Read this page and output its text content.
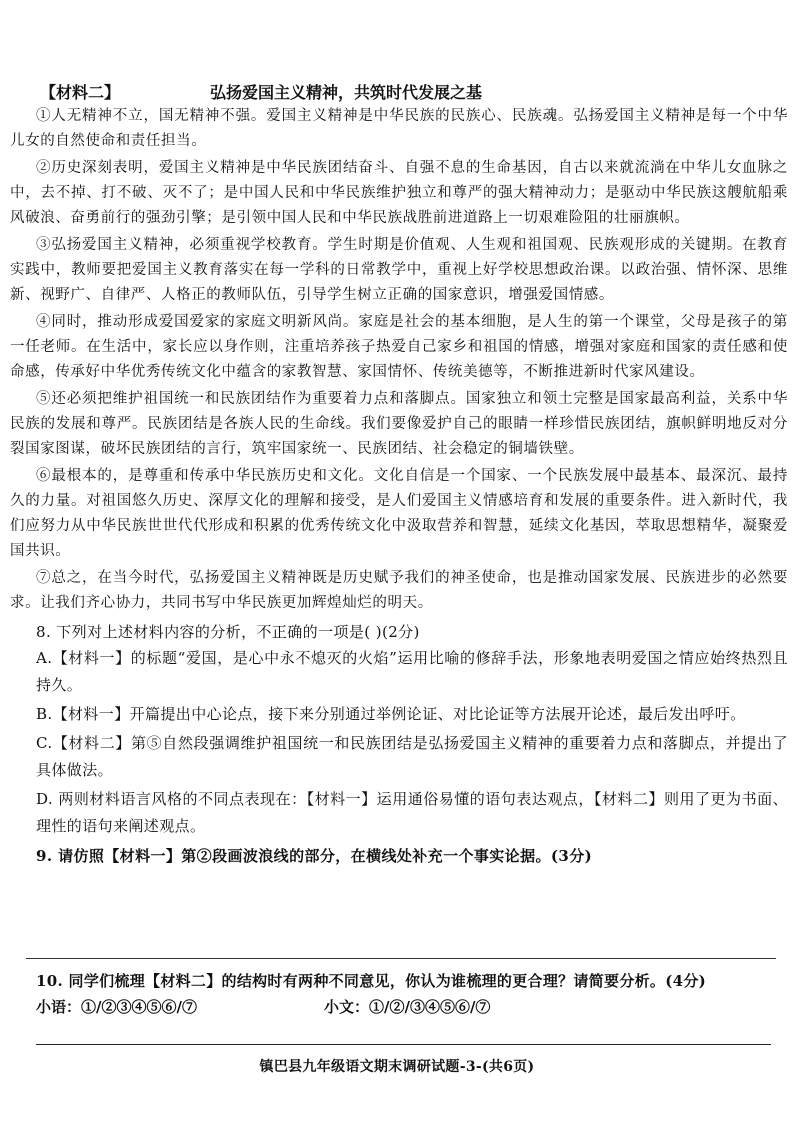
【材料二】	弘扬爱国主义精神，共筑时代发展之基

①人无精神不立，国无精神不强。爱国主义精神是中华民族的民族心、民族魂。弘扬爱国主义精神是每一个中华儿女的自然使命和责任担当。

②历史深刻表明，爱国主义精神是中华民族团结奋斗、自强不息的生命基因，自古以来就流淌在中华儿女血脉之中，去不掉、打不破、灭不了；是中国人民和中华民族维护独立和尊严的强大精神动力；是驱动中华民族这艘航船乘风破浪、奋勇前行的强劲引擎；是引领中国人民和中华民族战胜前进道路上一切艰难险阻的壮丽旗帜。

③弘扬爱国主义精神，必须重视学校教育。学生时期是价值观、人生观和祖国观、民族观形成的关键期。在教育实践中，教师要把爱国主义教育落实在每一学科的日常教学中，重视上好学校思想政治课。以政治强、情怀深、思维新、视野广、自律严、人格正的教师队伍，引导学生树立正确的国家意识，增强爱国情感。

④同时，推动形成爱国爱家的家庭文明新风尚。家庭是社会的基本细胞，是人生的第一个课堂，父母是孩子的第一任老师。在生活中，家长应以身作则，注重培养孩子热爱自己家乡和祖国的情感，增强对家庭和国家的责任感和使命感，传承好中华优秀传统文化中蕴含的家教智慧、家国情怀、传统美德等，不断推进新时代家风建设。

⑤还必须把维护祖国统一和民族团结作为重要着力点和落脚点。国家独立和领土完整是国家最高利益，关系中华民族的发展和尊严。民族团结是各族人民的生命线。我们要像爱护自己的眼睛一样珍惜民族团结，旗帜鲜明地反对分裂国家图谋，破坏民族团结的言行，筑牢国家统一、民族团结、社会稳定的铜墙铁壁。

⑥最根本的，是尊重和传承中华民族历史和文化。文化自信是一个国家、一个民族发展中最基本、最深沉、最持久的力量。对祖国悠久历史、深厚文化的理解和接受，是人们爱国主义情感培育和发展的重要条件。进入新时代，我们应努力从中华民族世世代代形成和积累的优秀传统文化中汲取营养和智慧，延续文化基因，萃取思想精华，凝聚爱国共识。

⑦总之，在当今时代，弘扬爱国主义精神既是历史赋予我们的神圣使命，也是推动国家发展、民族进步的必然要求。让我们齐心协力，共同书写中华民族更加辉煌灿烂的明天。

8. 下列对上述材料内容的分析，不正确的一项是( )(2分)

A.【材料一】的标题“爱国，是心中永不熄灭的火焰”运用比喻的修辞手法，形象地表明爱国之情应始终热烈且持久。

B.【材料一】开篇提出中心论点，接下来分别通过举例论证、对比论证等方法展开论述，最后发出呼吁。

C.【材料二】第⑤自然段强调维护祖国统一和民族团结是弘扬爱国主义精神的重要着力点和落脚点，并提出了具体做法。

D. 两则材料语言风格的不同点表现在：【材料一】运用通俗易懂的语句表达观点，【材料二】则用了更为书面、理性的语句来阐述观点。

9. 请仿照【材料一】第②段画波浪线的部分，在横线处补充一个事实论据。(3分)

10. 同学们梳理【材料二】的结构时有两种不同意见，你认为谁梳理的更合理？请简要分析。(4分)

小语：①/②③④⑤⑥/⑦	小文：①/②/③④⑤⑥/⑦
镇巴县九年级语文期末调研试题-3-(共6页)
